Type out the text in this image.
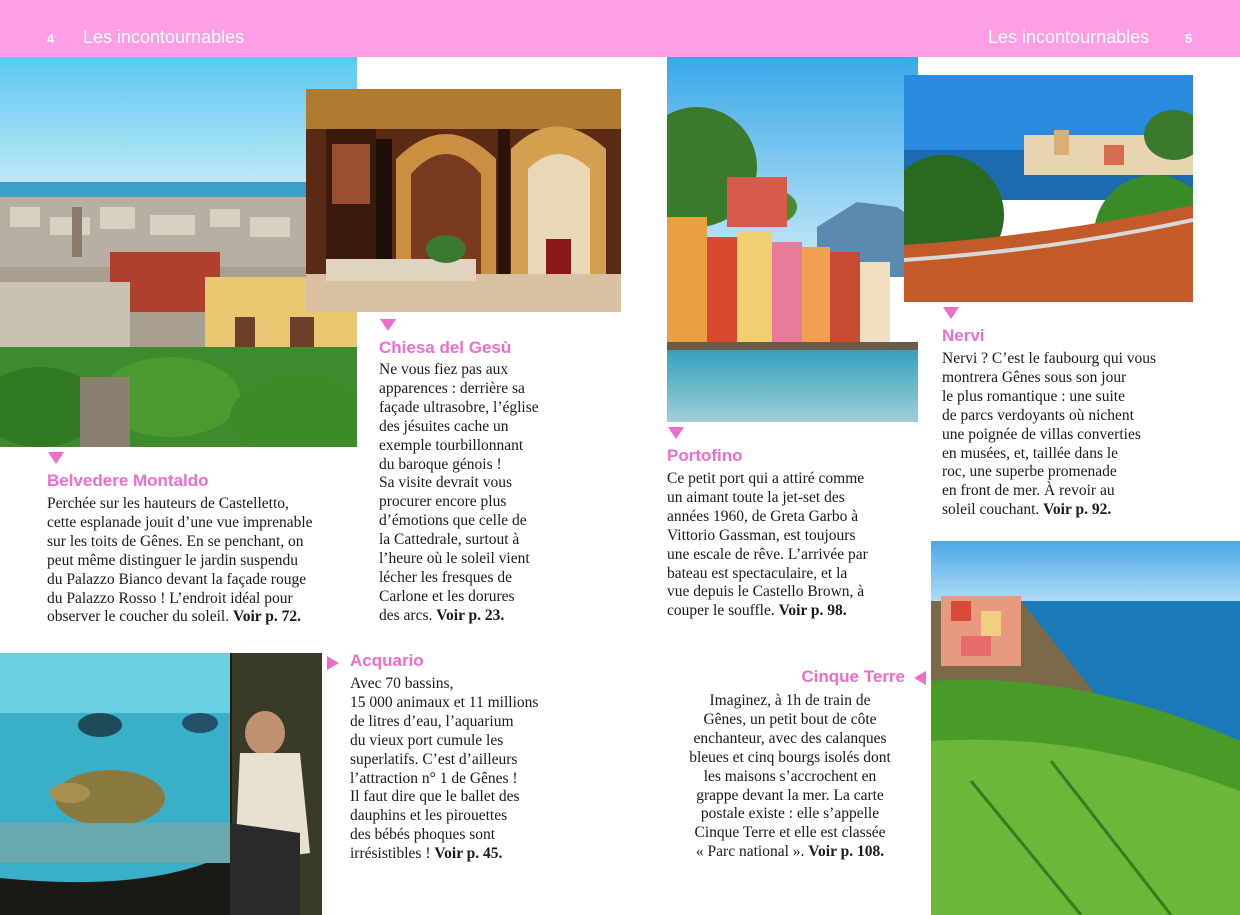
4 Les incontournables	Les incontournables	5
Belvedere Montaldo
Perchée sur les hauteurs de Castelletto,
cette esplanade jouit d’une vue imprenable
sur les toits de Gênes. En se penchant, on
peut même distinguer le jardin suspendu
du Palazzo Bianco devant la façade rouge
du Palazzo Rosso ! L’endroit idéal pour
observer le coucher du soleil. Voir p. 72.
Chiesa del Gesù
Ne vous fiez pas aux
apparences : derrière sa
façade ultrasobre, l’église
des jésuites cache un
exemple tourbillonnant
du baroque génois !
Sa visite devrait vous
procurer encore plus
d’émotions que celle de
la Cattedrale, surtout à
l’heure où le soleil vient
lécher les fresques de
Carlone et les dorures
des arcs. Voir p. 23.
Acquario
Avec 70 bassins,
15 000 animaux et 11 millions
de litres d’eau, l’aquarium
du vieux port cumule les
superlatifs. C’est d’ailleurs
l’attraction n° 1 de Gênes !
Il faut dire que le ballet des
dauphins et les pirouettes
des bébés phoques sont
irrésistibles ! Voir p. 45.
Portofino
Ce petit port qui a attiré comme
un aimant toute la jet-set des
années 1960, de Greta Garbo à
Vittorio Gassman, est toujours
une escale de rêve. L’arrivée par
bateau est spectaculaire, et la
vue depuis le Castello Brown, à
couper le souffle. Voir p. 98.
Nervi
Nervi ? C’est le faubourg qui vous
montrera Gênes sous son jour
le plus romantique : une suite
de parcs verdoyants où nichent
une poignée de villas converties
en musées, et, taillée dans le
roc, une superbe promenade
en front de mer. À revoir au
soleil couchant. Voir p. 92.
Cinque Terre
Imaginez, à 1h de train de
Gênes, un petit bout de côte
enchanteur, avec des calanques
bleues et cinq bourgs isolés dont
les maisons s’accrochent en
grappe devant la mer. La carte
postale existe : elle s’appelle
Cinque Terre et elle est classée
« Parc national ». Voir p. 108.
